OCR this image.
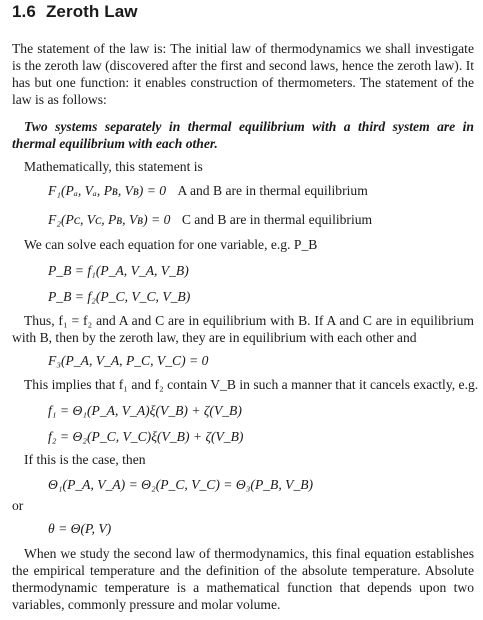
1.6 Zeroth Law

The statement of the law is: The initial law of thermodynamics we shall investigate is the zeroth law (discovered after the first and second laws, hence the zeroth law). It has but one function: it enables construction of thermometers. The statement of the law is as follows:

Two systems separately in thermal equilibrium with a third system are in thermal equilibrium with each other.

Mathematically, this statement is
F₁(Pₐ, Vₐ, Pʙ, Vʙ) = 0 A and B are in thermal equilibrium
F₂(Pᴄ, Vᴄ, Pʙ, Vʙ) = 0 C and B are in thermal equilibrium
We can solve each equation for one variable, e.g. P_B
P_B = f₁(P_A, V_A, V_B)
P_B = f₂(P_C, V_C, V_B)

Thus, f₁ = f₂ and A and C are in equilibrium with B. If A and C are in equilibrium with B, then by the zeroth law, they are in equilibrium with each other and

F₃(P_A, V_A, P_C, V_C) = 0
This implies that f₁ and f₂ contain V_B in such a manner that it cancels exactly, e.g.
f₁ = Θ₁(P_A, V_A)ξ(V_B) + ζ(V_B)
f₂ = Θ₂(P_C, V_C)ξ(V_B) + ζ(V_B)
If this is the case, then
Θ₁(P_A, V_A) = Θ₂(P_C, V_C) = Θ₃(P_B, V_B)
or
θ = Θ(P, V)

When we study the second law of thermodynamics, this final equation establishes the empirical temperature and the definition of the absolute temperature. Absolute thermodynamic temperature is a mathematical function that depends upon two variables, commonly pressure and molar volume.
